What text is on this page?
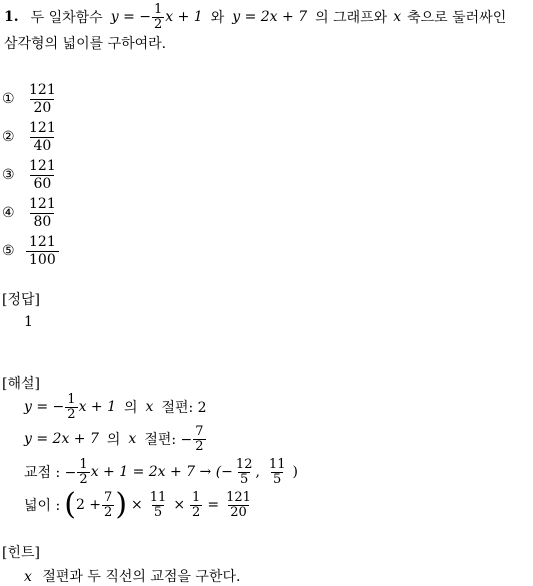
1. 두 일차함수 y = − $\frac{1}{2}$ x + 1 와 y = 2x + 7 의 그래프와 x 축으로 둘러싸인
삼각형의 넓이를 구하여라.
① $\frac{121}{20}$
② $\frac{121}{40}$
③ $\frac{121}{60}$
④ $\frac{121}{80}$
⑤ $\frac{121}{100}$
[정답]
1
[해설]
y = − $\frac{1}{2}$ x + 1 의 x 절편: 2
y = 2x + 7 의 x 절편: − $\frac{7}{2}$
교점 : − $\frac{1}{2}$ x + 1 = 2x + 7 → (− $\frac{12}{5}$ , $\frac{11}{5}$ )
넓이 : ( $2 + \frac{7}{2}$ ) × $\frac{11}{5} \times \frac{1}{2} = \frac{121}{20}$
[힌트]
x 절편과 두 직선의 교점을 구한다.
